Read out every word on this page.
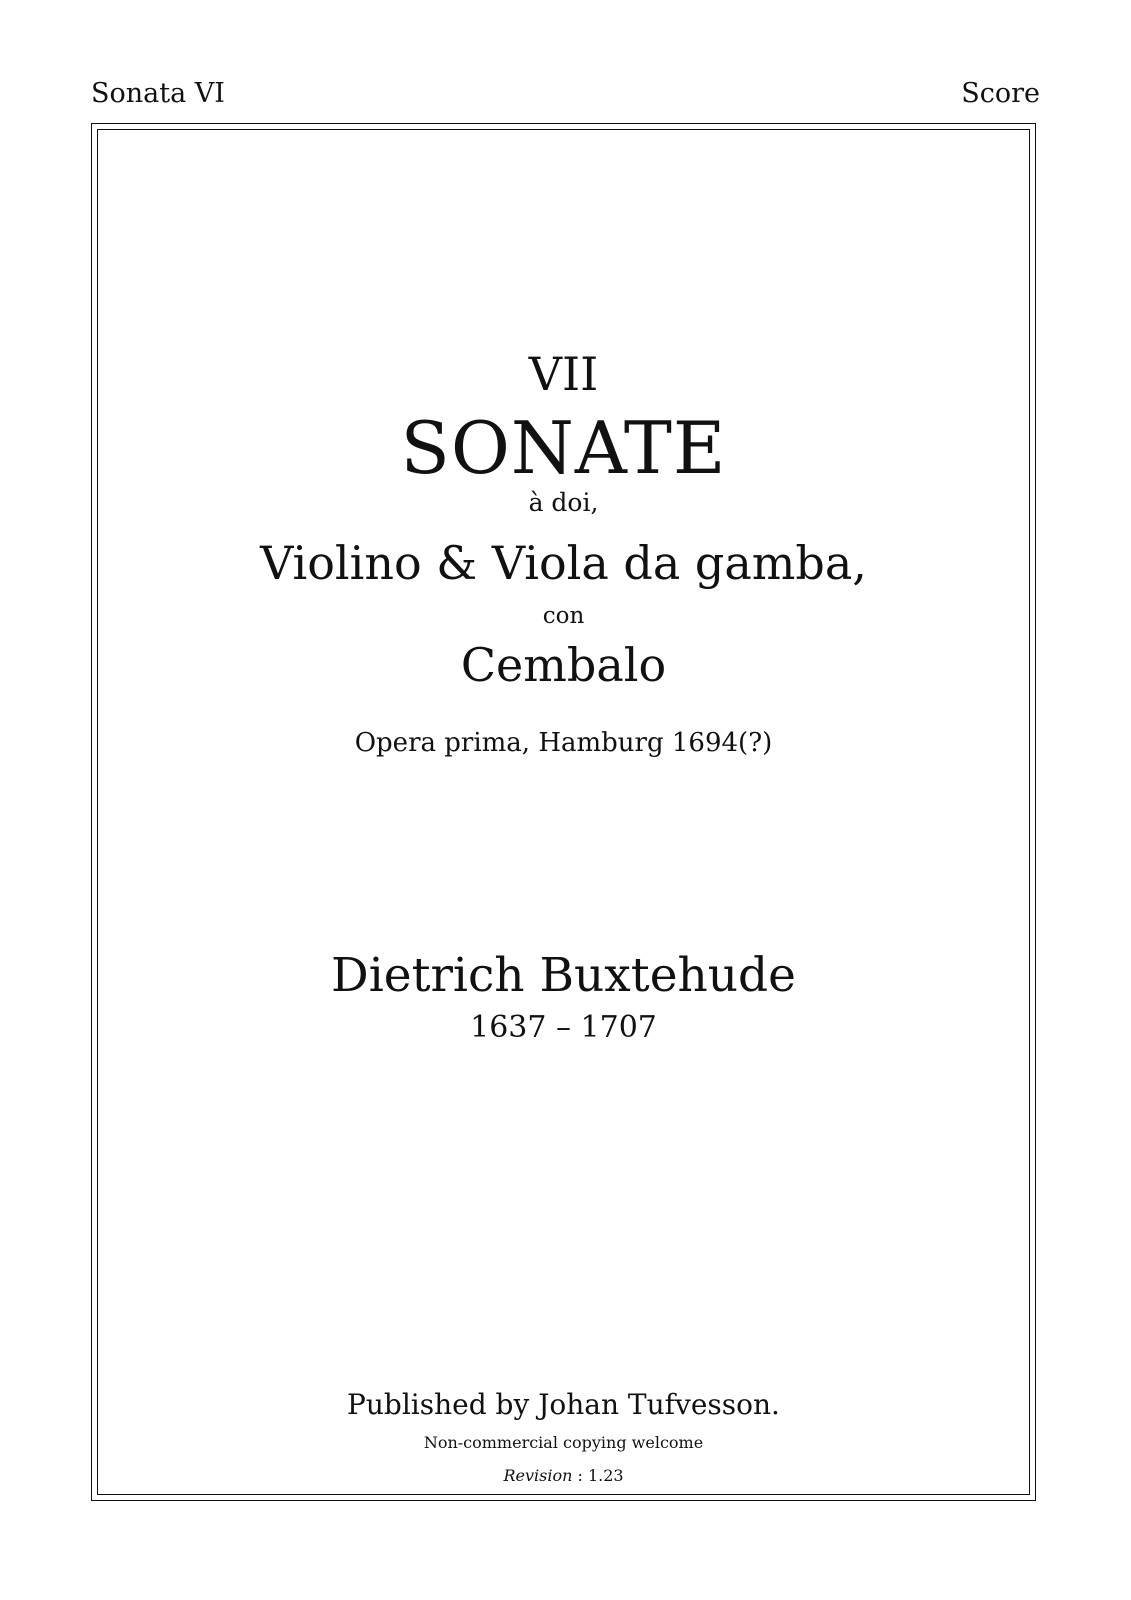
Sonata VI	Score
VII
SONATE
à doi,
Violino & Viola da gamba,
con
Cembalo
Opera prima, Hamburg 1694(?)
Dietrich Buxtehude
1637 – 1707
Published by Johan Tufvesson.
Non-commercial copying welcome
Revision : 1.23
